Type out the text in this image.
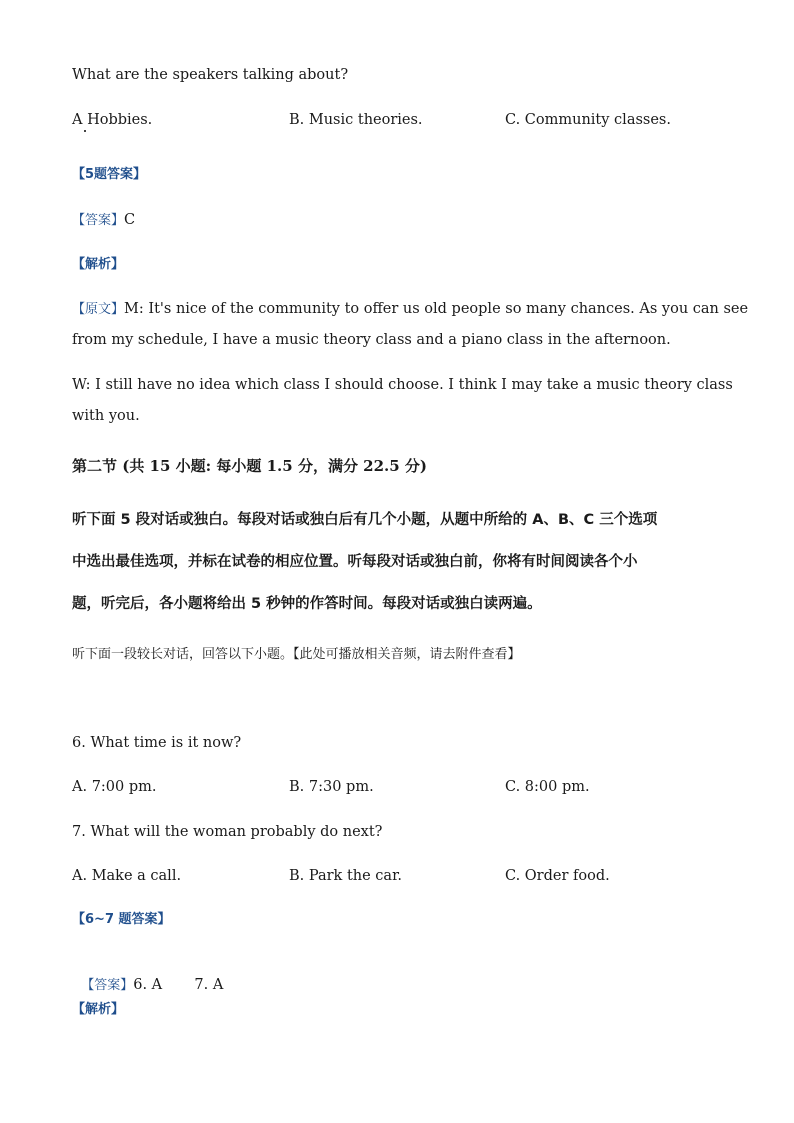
What are the speakers talking about?
A Hobbies.	B. Music theories.	C. Community classes.
【5题答案】
【答案】C
【解析】
【原文】M: It's nice of the community to offer us old people so many chances. As you can see
from my schedule, I have a music theory class and a piano class in the afternoon.
W: I still have no idea which class I should choose. I think I may take a music theory class
with you.
第二节 (共 15 小题: 每小题 1.5 分，满分 22.5 分)
听下面 5 段对话或独白。每段对话或独白后有几个小题，从题中所给的 A、B、C 三个选项
中选出最佳选项，并标在试卷的相应位置。听每段对话或独白前，你将有时间阅读各个小
题，听完后，各小题将给出 5 秒钟的作答时间。每段对话或独白读两遍。
听下面一段较长对话，回答以下小题。【此处可播放相关音频，请去附件查看】
6. What time is it now?
A. 7:00 pm.	B. 7:30 pm.	C. 8:00 pm.
7. What will the woman probably do next?
A. Make a call.	B. Park the car.	C. Order food.
【6~7 题答案】

【答案】6. A       7. A

【解析】
